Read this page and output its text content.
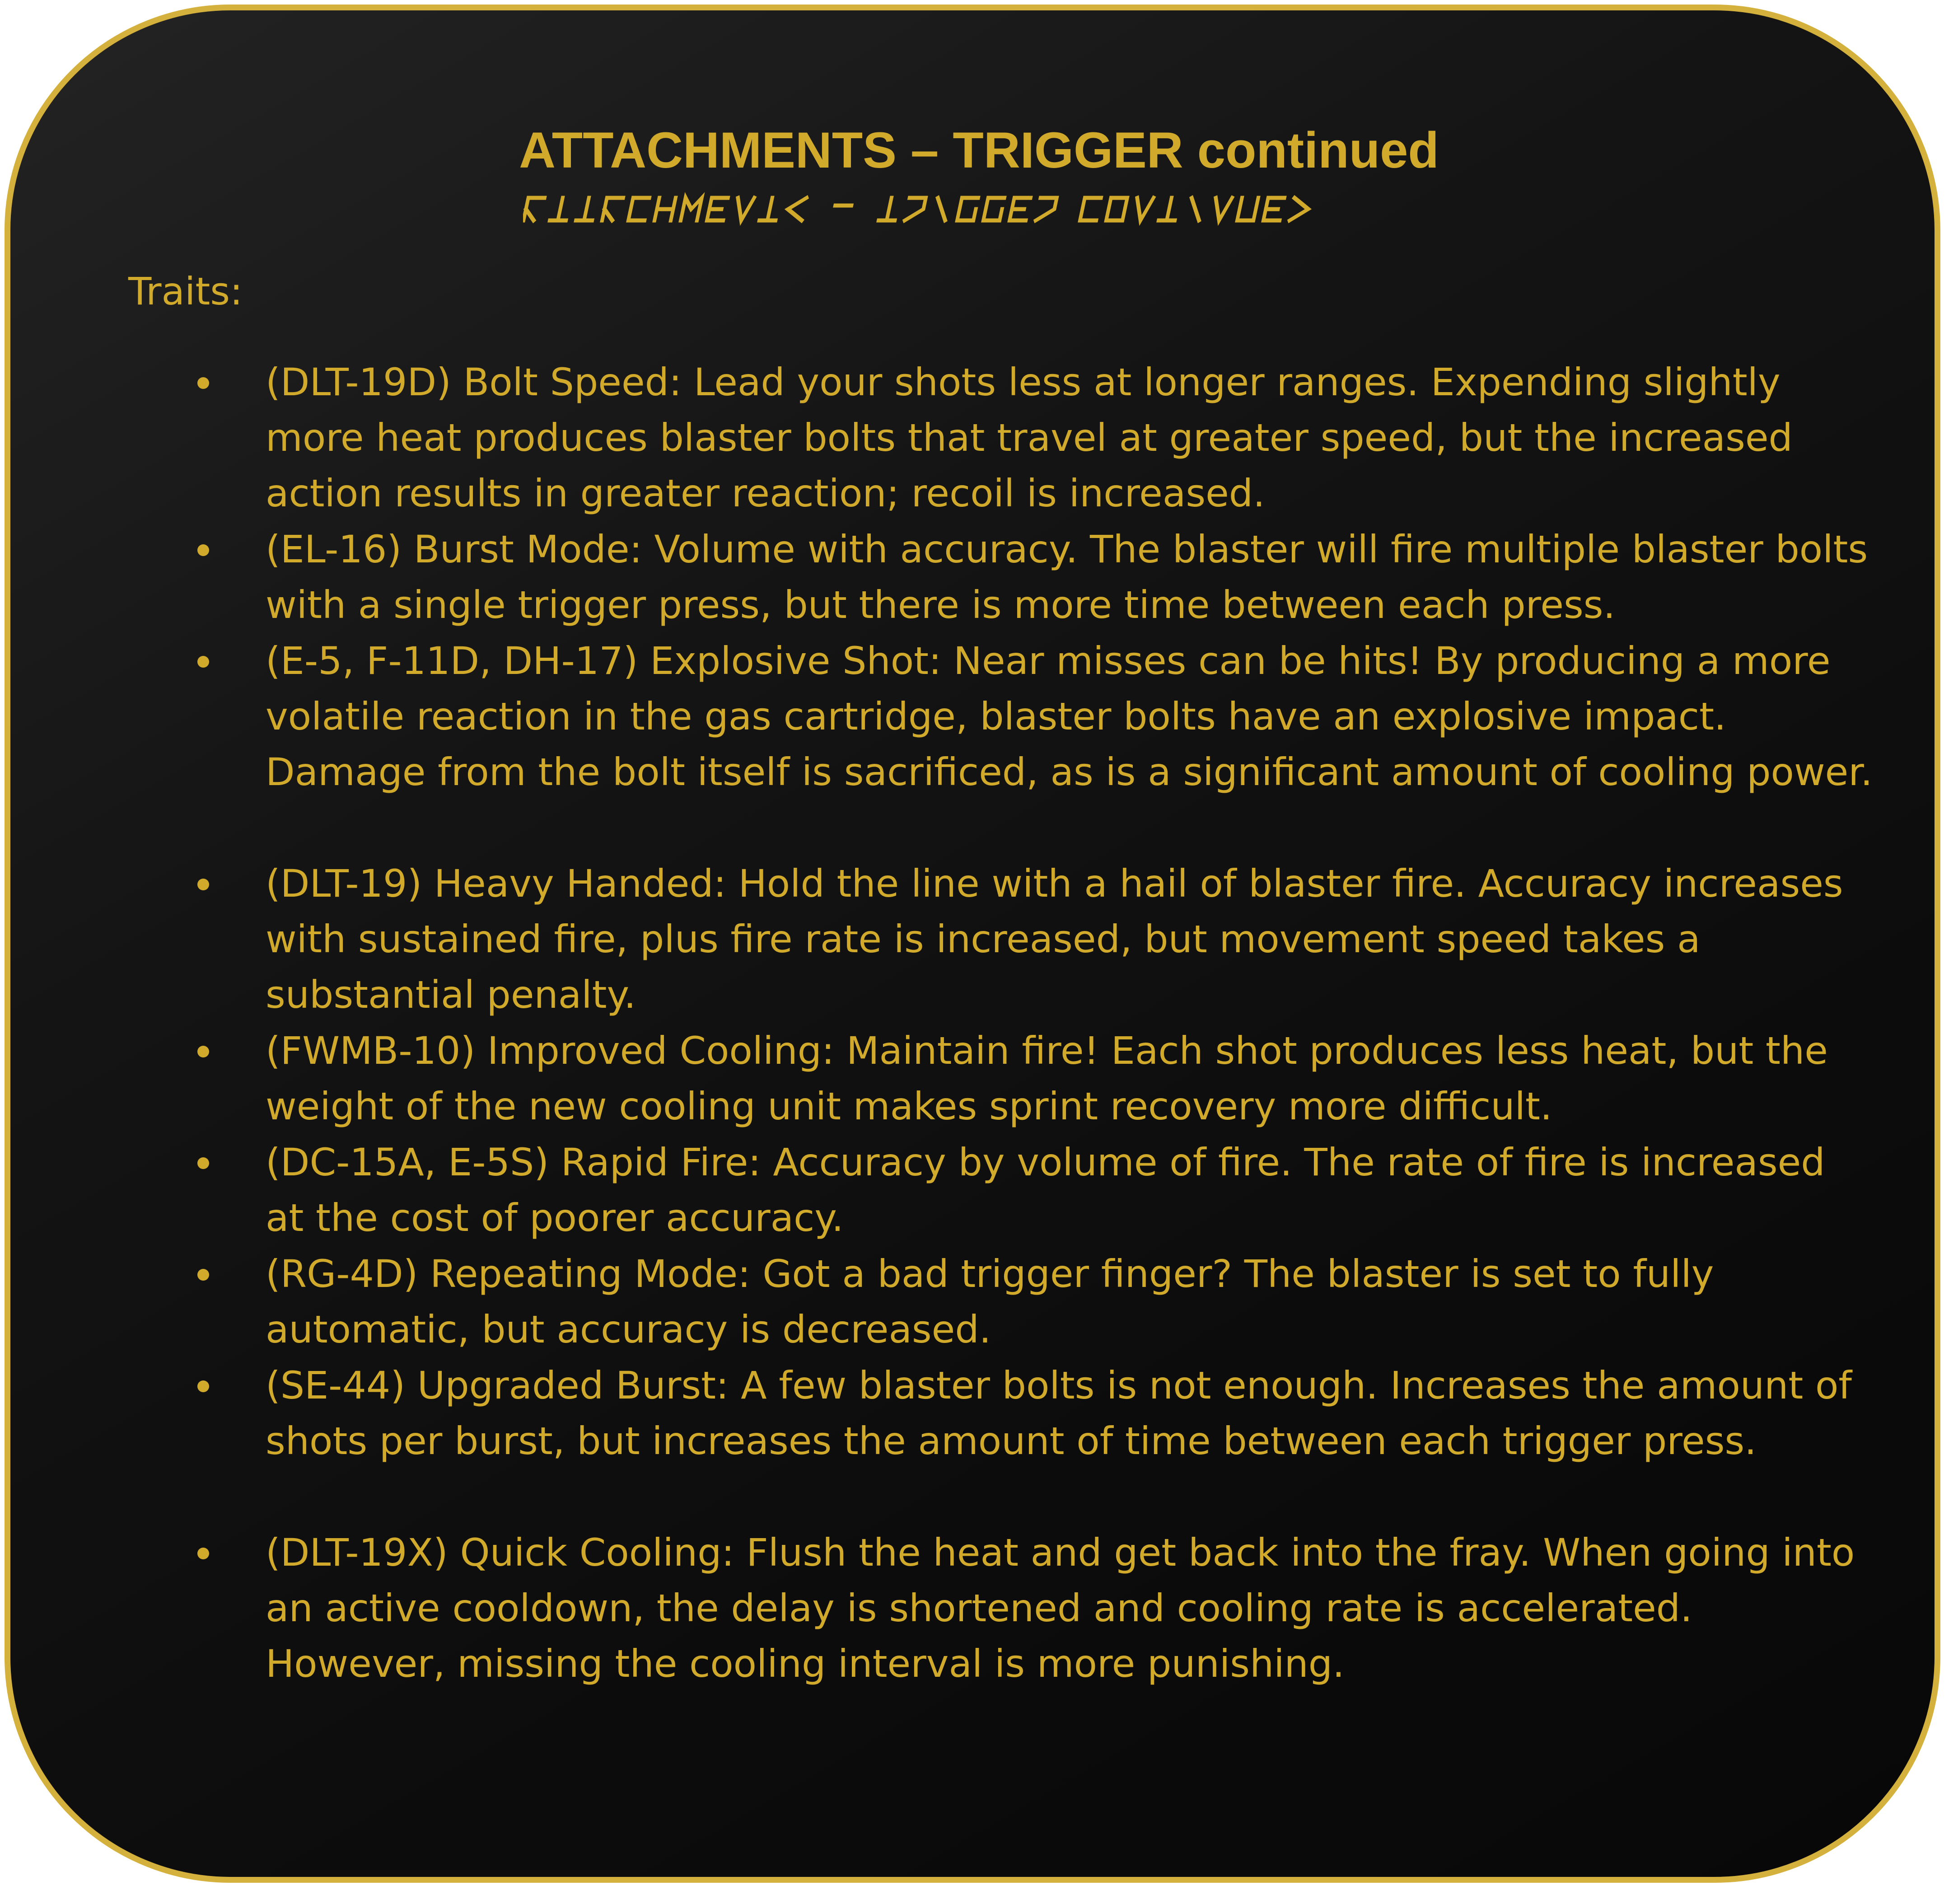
ATTACHMENTS – TRIGGER continued
Traits:

(DLT-19D) Bolt Speed: Lead your shots less at longer ranges. Expending slightly more heat produces blaster bolts that travel at greater speed, but the increased action results in greater reaction; recoil is increased.

(EL-16) Burst Mode: Volume with accuracy. The blaster will fire multiple blaster bolts with a single trigger press, but there is more time between each press.

(E-5, F-11D, DH-17) Explosive Shot: Near misses can be hits! By producing a more volatile reaction in the gas cartridge, blaster bolts have an explosive impact. Damage from the bolt itself is sacrificed, as is a significant amount of cooling power.

(DLT-19) Heavy Handed: Hold the line with a hail of blaster fire. Accuracy increases with sustained fire, plus fire rate is increased, but movement speed takes a substantial penalty.

(FWMB-10) Improved Cooling: Maintain fire! Each shot produces less heat, but the weight of the new cooling unit makes sprint recovery more difficult.

(DC-15A, E-5S) Rapid Fire: Accuracy by volume of fire. The rate of fire is increased at the cost of poorer accuracy.

(RG-4D) Repeating Mode: Got a bad trigger finger? The blaster is set to fully automatic, but accuracy is decreased.

(SE-44) Upgraded Burst: A few blaster bolts is not enough. Increases the amount of shots per burst, but increases the amount of time between each trigger press.

(DLT-19X) Quick Cooling: Flush the heat and get back into the fray. When going into an active cooldown, the delay is shortened and cooling rate is accelerated. However, missing the cooling interval is more punishing.
